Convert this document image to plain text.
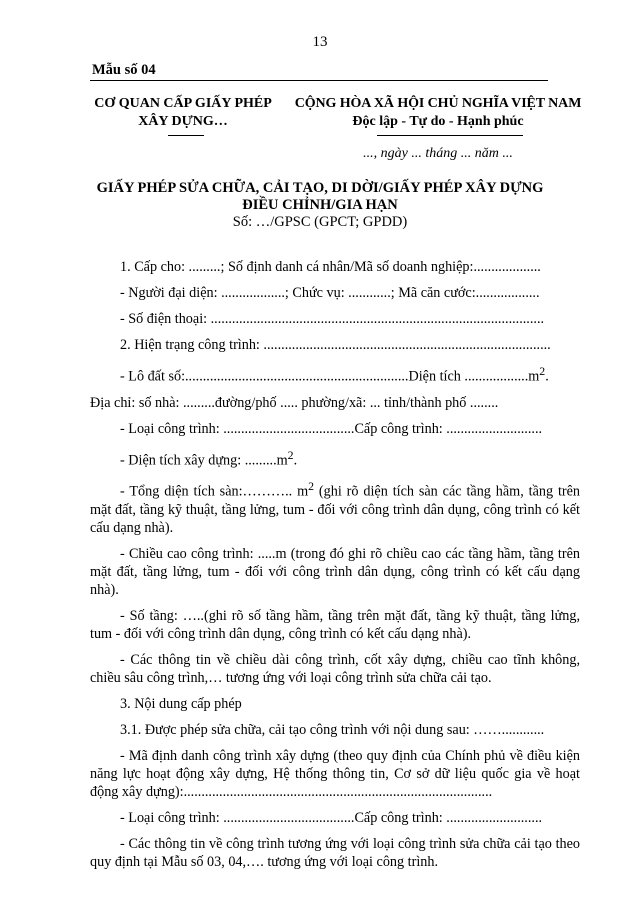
13
Mẫu số 04
CƠ QUAN CẤP GIẤY PHÉP
XÂY DỰNG…
CỘNG HÒA XÃ HỘI CHỦ NGHĨA VIỆT NAM
Độc lập - Tự do - Hạnh phúc
..., ngày ... tháng ... năm ...
GIẤY PHÉP SỬA CHỮA, CẢI TẠO, DI DỜI/GIẤY PHÉP XÂY DỰNG
ĐIỀU CHỈNH/GIA HẠN
Số: …/GPSC (GPCT; GPDD)

1. Cấp cho: .........; Số định danh cá nhân/Mã số doanh nghiệp:...................

- Người đại diện: ..................; Chức vụ: ............; Mã căn cước:..................

- Số điện thoại: ..............................................................................................

2. Hiện trạng công trình: .................................................................................

- Lô đất số:...............................................................Diện tích $..................m^2$.

Địa chỉ: số nhà: .........đường/phố ..... phường/xã: ... tỉnh/thành phố ........

- Loại công trình: .....................................Cấp công trình: ...........................

- Diện tích xây dựng: $.........m^2$.

- Tổng diện tích sàn:……….. $m^2$ (ghi rõ diện tích sàn các tầng hầm, tầng trên mặt đất, tầng kỹ thuật, tầng lửng, tum - đối với công trình dân dụng, công trình có kết cấu dạng nhà).

- Chiều cao công trình: .....m (trong đó ghi rõ chiều cao các tầng hầm, tầng trên mặt đất, tầng lửng, tum - đối với công trình dân dụng, công trình có kết cấu dạng nhà).

- Số tầng: …..(ghi rõ số tầng hầm, tầng trên mặt đất, tầng kỹ thuật, tầng lửng, tum - đối với công trình dân dụng, công trình có kết cấu dạng nhà).

- Các thông tin về chiều dài công trình, cốt xây dựng, chiều cao tĩnh không, chiều sâu công trình,… tương ứng với loại công trình sửa chữa cải tạo.

3. Nội dung cấp phép

3.1. Được phép sửa chữa, cải tạo công trình với nội dung sau: ……............

- Mã định danh công trình xây dựng (theo quy định của Chính phủ về điều kiện năng lực hoạt động xây dựng, Hệ thống thông tin, Cơ sở dữ liệu quốc gia về hoạt động xây dựng):.......................................................................................

- Loại công trình: .....................................Cấp công trình: ...........................

- Các thông tin về công trình tương ứng với loại công trình sửa chữa cải tạo theo quy định tại Mẫu số 03, 04,…. tương ứng với loại công trình.
